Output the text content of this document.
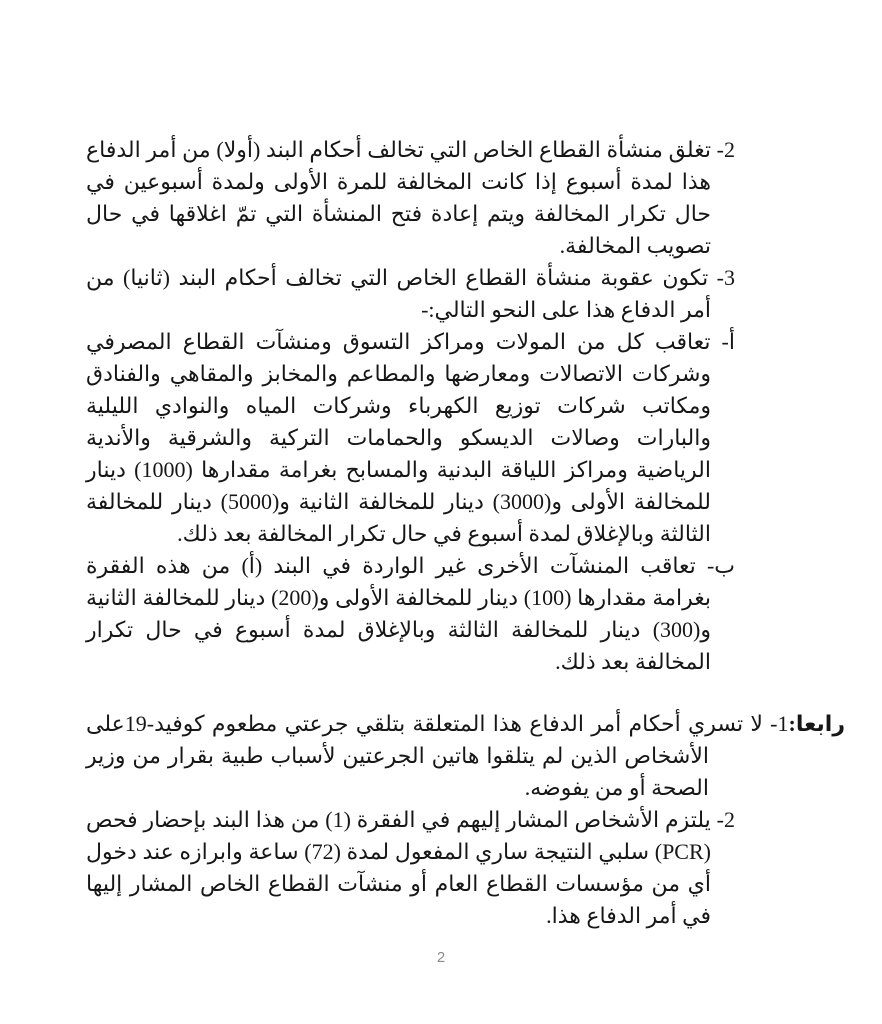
2- تغلق منشأة القطاع الخاص التي تخالف أحكام البند (أولا) من أمر الدفاع هذا لمدة أسبوع إذا كانت المخالفة للمرة الأولى ولمدة أسبوعين في حال تكرار المخالفة ويتم إعادة فتح المنشأة التي تمّ اغلاقها في حال تصويب المخالفة.

3- تكون عقوبة منشأة القطاع الخاص التي تخالف أحكام البند (ثانيا) من أمر الدفاع هذا على النحو التالي:-

أ- تعاقب كل من المولات ومراكز التسوق ومنشآت القطاع المصرفي وشركات الاتصالات ومعارضها والمطاعم والمخابز والمقاهي والفنادق ومكاتب شركات توزيع الكهرباء وشركات المياه والنوادي الليلية والبارات وصالات الديسكو والحمامات التركية والشرقية والأندية الرياضية ومراكز اللياقة البدنية والمسابح بغرامة مقدارها (1000) دينار للمخالفة الأولى و(3000) دينار للمخالفة الثانية و(5000) دينار للمخالفة الثالثة وبالإغلاق لمدة أسبوع في حال تكرار المخالفة بعد ذلك.

ب- تعاقب المنشآت الأخرى غير الواردة في البند (أ) من هذه الفقرة بغرامة مقدارها (100) دينار للمخالفة الأولى و(200) دينار للمخالفة الثانية و(300) دينار للمخالفة الثالثة وبالإغلاق لمدة أسبوع في حال تكرار المخالفة بعد ذلك.

رابعا:1- لا تسري أحكام أمر الدفاع هذا المتعلقة بتلقي جرعتي مطعوم كوفيد-19على الأشخاص الذين لم يتلقوا هاتين الجرعتين لأسباب طبية بقرار من وزير الصحة أو من يفوضه.

2- يلتزم الأشخاص المشار إليهم في الفقرة (1) من هذا البند بإحضار فحص (PCR) سلبي النتيجة ساري المفعول لمدة (72) ساعة وابرازه عند دخول أي من مؤسسات القطاع العام أو منشآت القطاع الخاص المشار إليها في أمر الدفاع هذا.

2
